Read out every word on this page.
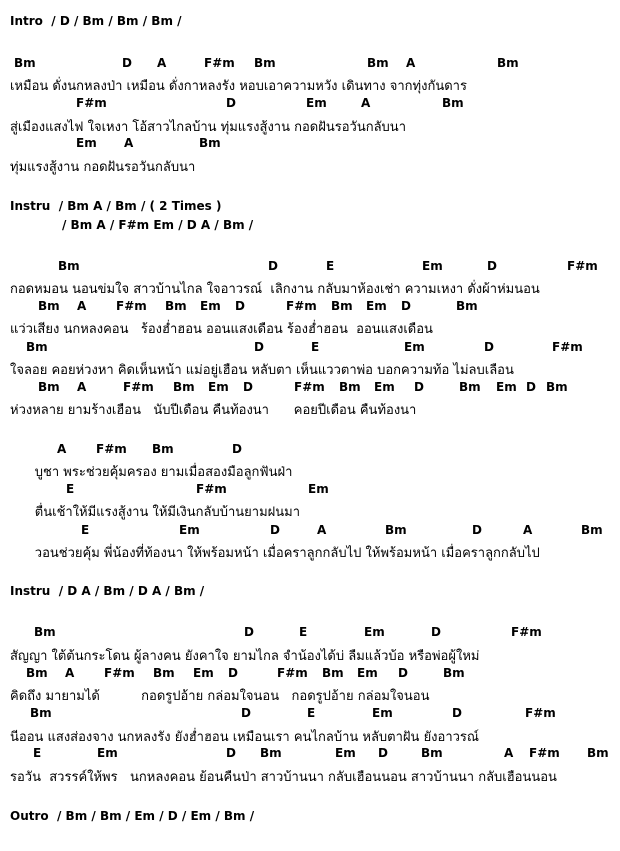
Intro  / D / Bm / Bm / Bm /
Bm	D A	F#m Bm	Bm A	Bm
เหมือน ดั่งนกหลงป่า เหมือน ดั่งกาหลงรัง หอบเอาความหวัง เดินทาง จากทุ่งกันดาร
F#m	D	Em	A	Bm
สู่เมืองแสงไฟ ใจเหงา โอ้สาวไกลบ้าน ทุ่มแรงสู้งาน กอดฝันรอวันกลับนา
Em A	Bm
ทุ่มแรงสู้งาน กอดฝันรอวันกลับนา
Instru  / Bm A / Bm / ( 2 Times )
/ Bm A / F#m Em / D A / Bm /
Bm	D	E	Em	D	F#m
กอดหมอน นอนข่มใจ สาวบ้านไกล ใจอาวรณ์  เลิกงาน กลับมาห้องเช่า ความเหงา ดั่งผ้าห่มนอน
Bm A F#m Bm Em D	F#m Bm Em D	Bm
แว่วเสียง นกหลงคอน   ร้องฮ่ำฮอน ออนแสงเดือน ร้องฮ่ำฮอน  ออนแสงเดือน
Bm	D	E	Em	D	F#m
ใจลอย คอยห่วงหา คิดเห็นหน้า แม่อยู่เฮือน หลับตา เห็นแววตาพ่อ บอกความท้อ ไม่ลบเลือน
Bm A	F#m Bm Em D	F#m Bm Em D	Bm Em D Bm
ห่วงหลาย ยามร้างเฮือน   นับปีเดือน คืนท้องนา      คอยปีเดือน คืนท้องนา
A F#m Bm	D
บูชา พระช่วยคุ้มครอง ยามเมื่อสองมือลูกฟันฝ่า
E	F#m	Em
ตื่นเช้าให้มีแรงสู้งาน ให้มีเงินกลับบ้านยามฝนมา
E	Em	D	A	Bm	D	A	Bm
วอนช่วยคุ้ม พี่น้องที่ท้องนา ให้พร้อมหน้า เมื่อคราลูกกลับไป ให้พร้อมหน้า เมื่อคราลูกกลับไป
Instru  / D A / Bm / D A / Bm /
Bm	D	E	Em	D	F#m
สัญญา ใต้ต้นกระโดน ผู้ลางคน ยังคาใจ ยามไกล จำน้องได้บ่ ลืมแล้วบ้อ หรือพ่อผู้ใหม่
Bm A F#m Bm Em D	F#m Bm Em D	Bm
คิดถึง มายามได้          กอดรูปอ้าย กล่อมใจนอน   กอดรูปอ้าย กล่อมใจนอน
Bm	D	E	Em	D	F#m
นีออน แสงส่องจาง นกหลงรัง ยังฮ่ำฮอน เหมือนเรา คนไกลบ้าน หลับตาฝัน ยังอาวรณ์
E	Em	D Bm	Em D	Bm	A F#m Bm
รอวัน  สวรรค์ให้พร   นกหลงคอน ย้อนคืนป่า สาวบ้านนา กลับเฮือนนอน สาวบ้านนา กลับเฮือนนอน
Outro  / Bm / Bm / Em / D / Em / Bm /
